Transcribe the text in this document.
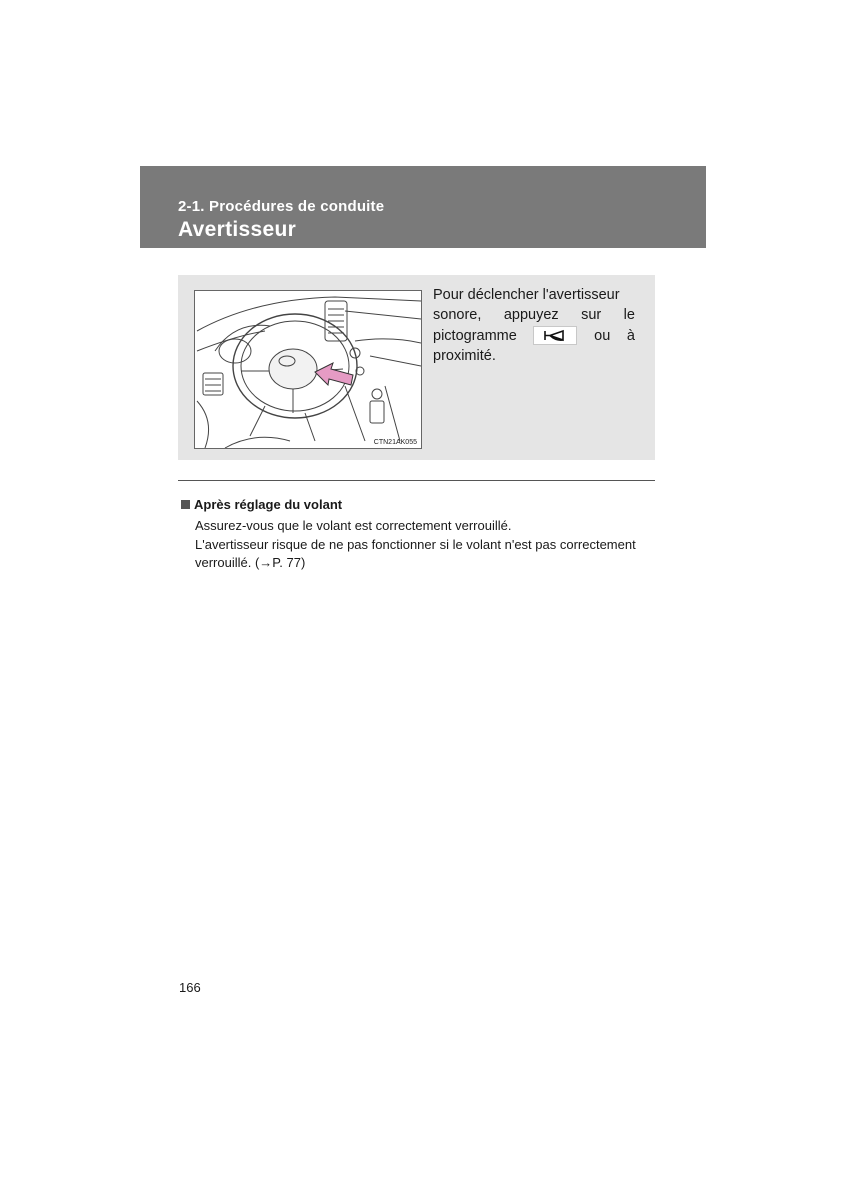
2-1. Procédures de conduite
Avertisseur
CTN21AK055
Pour déclencher l'avertisseur
sonore, appuyez sur le
pictogramme	ou à
proximité.
Après réglage du volant
Assurez-vous que le volant est correctement verrouillé.
L'avertisseur risque de ne pas fonctionner si le volant n'est pas correctement
verrouillé. (→P. 77)
166
